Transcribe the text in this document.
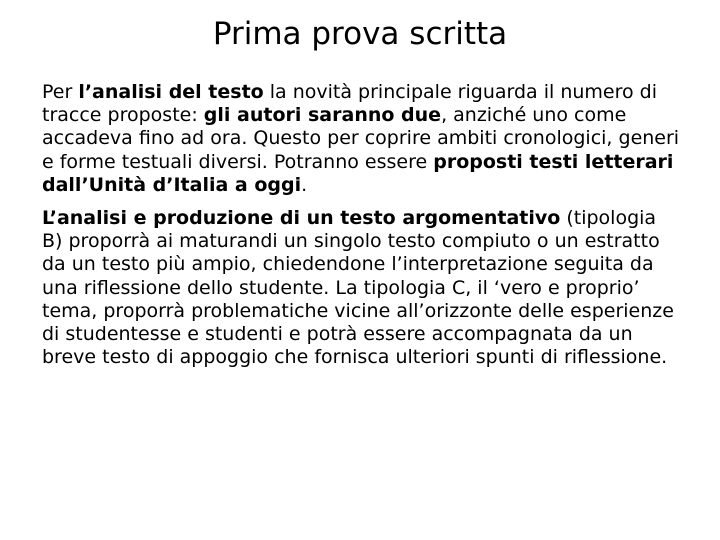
Prima prova scritta

Per l’analisi del testo la novità principale riguarda il numero di tracce proposte: gli autori saranno due, anziché uno come accadeva fino ad ora. Questo per coprire ambiti cronologici, generi e forme testuali diversi. Potranno essere proposti testi letterari dall’Unità d’Italia a oggi.

L’analisi e produzione di un testo argomentativo (tipologia B) proporrà ai maturandi un singolo testo compiuto o un estratto da un testo più ampio, chiedendone l’interpretazione seguita da una riflessione dello studente. La tipologia C, il ‘vero e proprio’ tema, proporrà problematiche vicine all’orizzonte delle esperienze di studentesse e studenti e potrà essere accompagnata da un breve testo di appoggio che fornisca ulteriori spunti di riflessione.
